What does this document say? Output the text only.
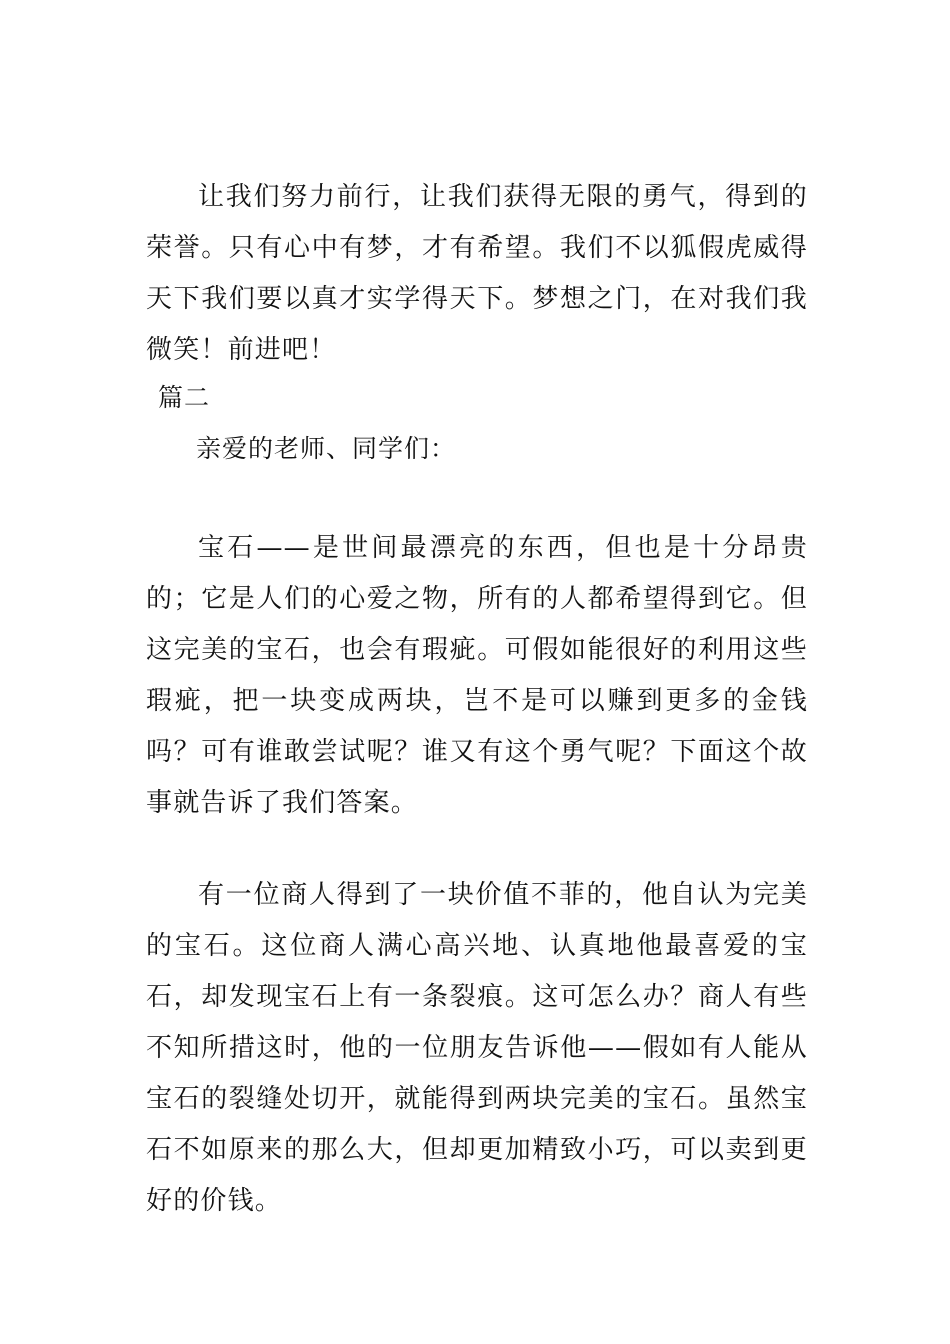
让我们努力前行，让我们获得无限的勇气，得到的荣誉。只有心中有梦，才有希望。我们不以狐假虎威得天下我们要以真才实学得天下。梦想之门，在对我们我微笑！前进吧！

篇二

亲爱的老师、同学们：

宝石——是世间最漂亮的东西，但也是十分昂贵的；它是人们的心爱之物，所有的人都希望得到它。但这完美的宝石，也会有瑕疵。可假如能很好的利用这些瑕疵，把一块变成两块，岂不是可以赚到更多的金钱吗？可有谁敢尝试呢？谁又有这个勇气呢？下面这个故事就告诉了我们答案。

有一位商人得到了一块价值不菲的，他自认为完美的宝石。这位商人满心高兴地、认真地他最喜爱的宝石，却发现宝石上有一条裂痕。这可怎么办？商人有些不知所措这时，他的一位朋友告诉他——假如有人能从宝石的裂缝处切开，就能得到两块完美的宝石。虽然宝石不如原来的那么大，但却更加精致小巧，可以卖到更好的价钱。
